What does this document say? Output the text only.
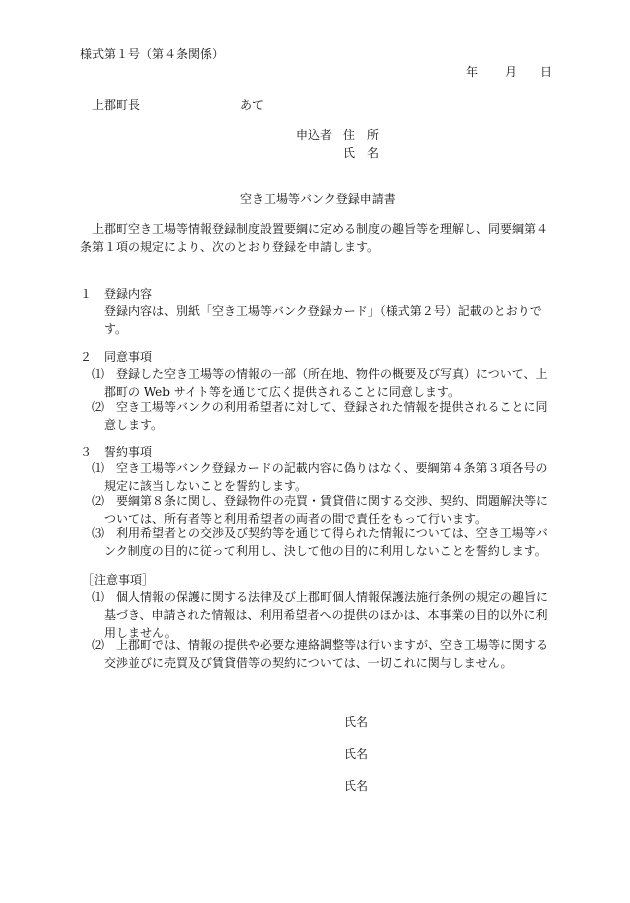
様式第１号（第４条関係）
年 月 日
上郡町長	あて
申込者 住　所
氏　名
空き工場等バンク登録申請書
上郡町空き工場等情報登録制度設置要綱に定める制度の趣旨等を理解し、同要綱第４条第１項の規定により、次のとおり登録を申請します。
１　登録内容
登録内容は、別紙「空き工場等バンク登録カード」（様式第２号）記載のとおりです。
２　同意事項
⑴ 登録した空き工場等の情報の一部（所在地、物件の概要及び写真）について、上郡町の Web サイト等を通じて広く提供されることに同意します。
⑵ 空き工場等バンクの利用希望者に対して、登録された情報を提供されることに同意します。
３　誓約事項
⑴ 空き工場等バンク登録カードの記載内容に偽りはなく、要綱第４条第３項各号の規定に該当しないことを誓約します。
⑵ 要綱第８条に関し、登録物件の売買・賃貸借に関する交渉、契約、問題解決等については、所有者等と利用希望者の両者の間で責任をもって行います。
⑶ 利用希望者との交渉及び契約等を通じて得られた情報については、空き工場等バンク制度の目的に従って利用し、決して他の目的に利用しないことを誓約します。
［注意事項］
⑴ 個人情報の保護に関する法律及び上郡町個人情報保護法施行条例の規定の趣旨に基づき、申請された情報は、利用希望者への提供のほかは、本事業の目的以外に利用しません。
⑵ 上郡町では、情報の提供や必要な連絡調整等は行いますが、空き工場等に関する交渉並びに売買及び賃貸借等の契約については、一切これに関与しません。
氏名
氏名
氏名
